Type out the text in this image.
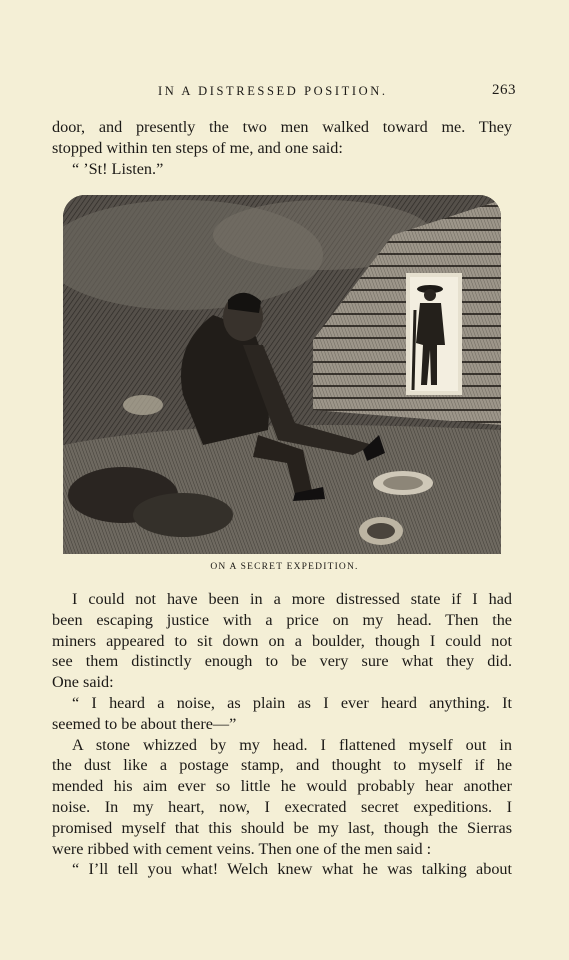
IN A DISTRESSED POSITION.	263
door, and presently the two men walked toward me. They
stopped within ten steps of me, and one said:
“ ’St! Listen.”
ON A SECRET EXPEDITION.
I could not have been in a more distressed state if I had
been escaping justice with a price on my head. Then the
miners appeared to sit down on a boulder, though I could not
see them distinctly enough to be very sure what they did.
One said:
“ I heard a noise, as plain as I ever heard anything. It
seemed to be about there—”
A stone whizzed by my head. I flattened myself out in
the dust like a postage stamp, and thought to myself if he
mended his aim ever so little he would probably hear another
noise. In my heart, now, I execrated secret expeditions. I
promised myself that this should be my last, though the Sierras
were ribbed with cement veins. Then one of the men said :
“ I’ll tell you what! Welch knew what he was talking about
